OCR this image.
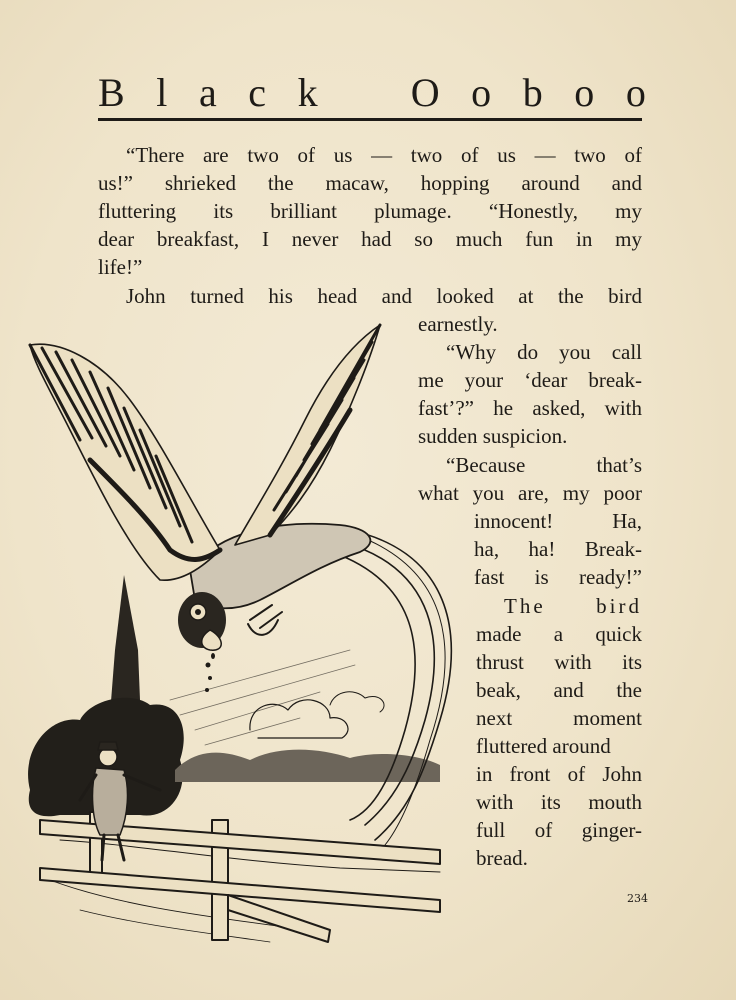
B l a c k O o b o o
“There are two of us — two of us — two of
us!” shrieked the macaw, hopping around and
fluttering its brilliant plumage. “Honestly, my
dear breakfast, I never had so much fun in my
life!”
John turned his head and looked at the bird
earnestly.
“Why do you call
me your ‘dear break-
fast’?” he asked, with
sudden suspicion.
“Because that’s
what you are, my poor
innocent! Ha,
ha, ha! Break-
fast is ready!”
The bird
made a quick
thrust with its
beak, and the
next moment
fluttered around
in front of John
with its mouth
full of ginger-
bread.
234
